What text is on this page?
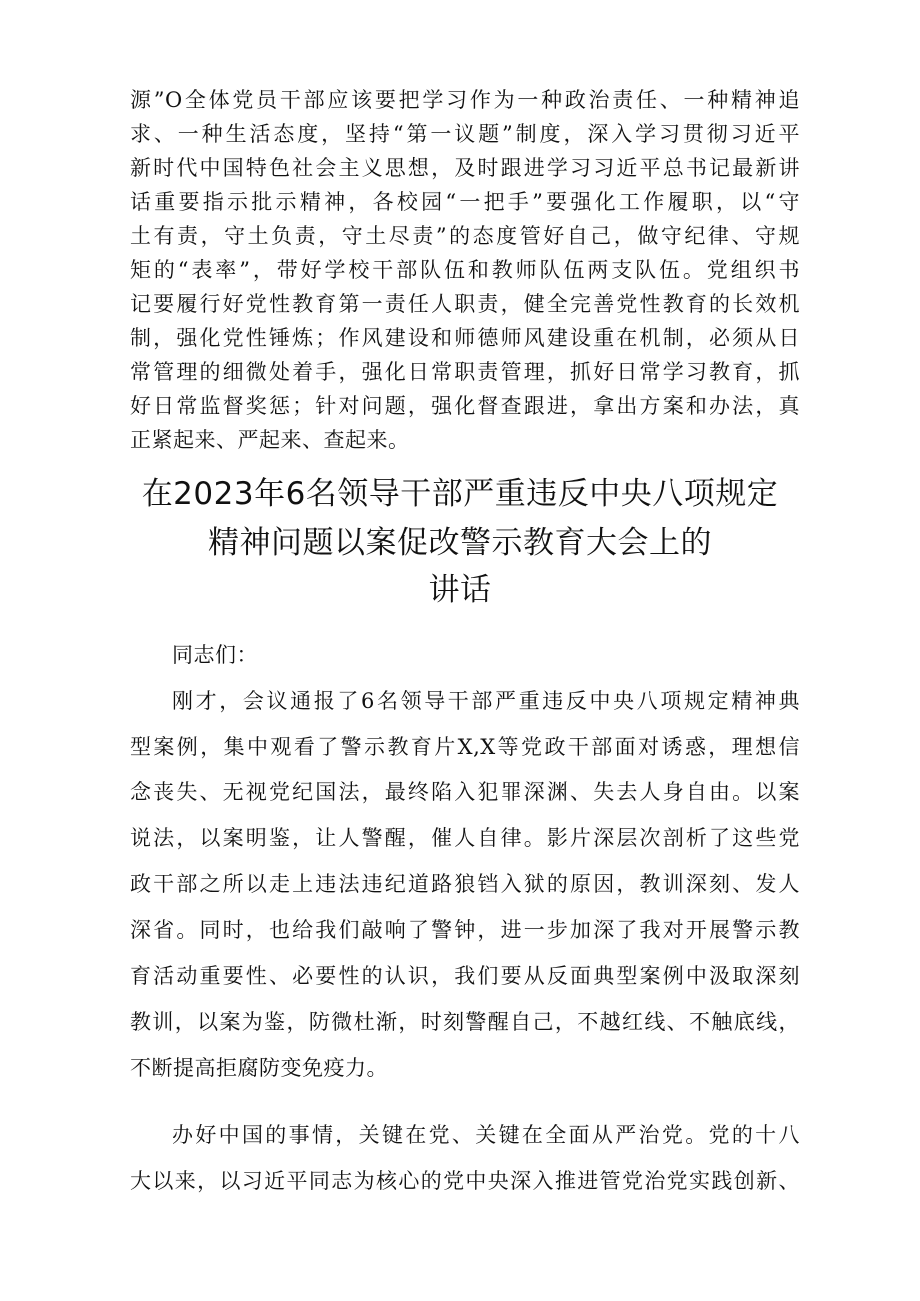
源”O全体党员干部应该要把学习作为一种政治责任、一种精神追
求、一种生活态度，坚持“第一议题”制度，深入学习贯彻习近平
新时代中国特色社会主义思想，及时跟进学习习近平总书记最新讲
话重要指示批示精神，各校园“一把手”要强化工作履职，以“守
土有责，守土负责，守土尽责”的态度管好自己，做守纪律、守规
矩的“表率”，带好学校干部队伍和教师队伍两支队伍。党组织书
记要履行好党性教育第一责任人职责，健全完善党性教育的长效机
制，强化党性锤炼；作风建设和师德师风建设重在机制，必须从日
常管理的细微处着手，强化日常职责管理，抓好日常学习教育，抓
好日常监督奖惩；针对问题，强化督查跟进，拿出方案和办法，真
正紧起来、严起来、查起来。
在2023年6名领导干部严重违反中央八项规定
精神问题以案促改警示教育大会上的
讲话
同志们：
刚才，会议通报了6名领导干部严重违反中央八项规定精神典
型案例，集中观看了警示教育片X,X等党政干部面对诱惑，理想信
念丧失、无视党纪国法，最终陷入犯罪深渊、失去人身自由。以案
说法，以案明鉴，让人警醒，催人自律。影片深层次剖析了这些党
政干部之所以走上违法违纪道路狼铛入狱的原因，教训深刻、发人
深省。同时，也给我们敲响了警钟，进一步加深了我对开展警示教
育活动重要性、必要性的认识，我们要从反面典型案例中汲取深刻
教训，以案为鉴，防微杜渐，时刻警醒自己，不越红线、不触底线，
不断提高拒腐防变免疫力。
办好中国的事情，关键在党、关键在全面从严治党。党的十八
大以来，以习近平同志为核心的党中央深入推进管党治党实践创新、
